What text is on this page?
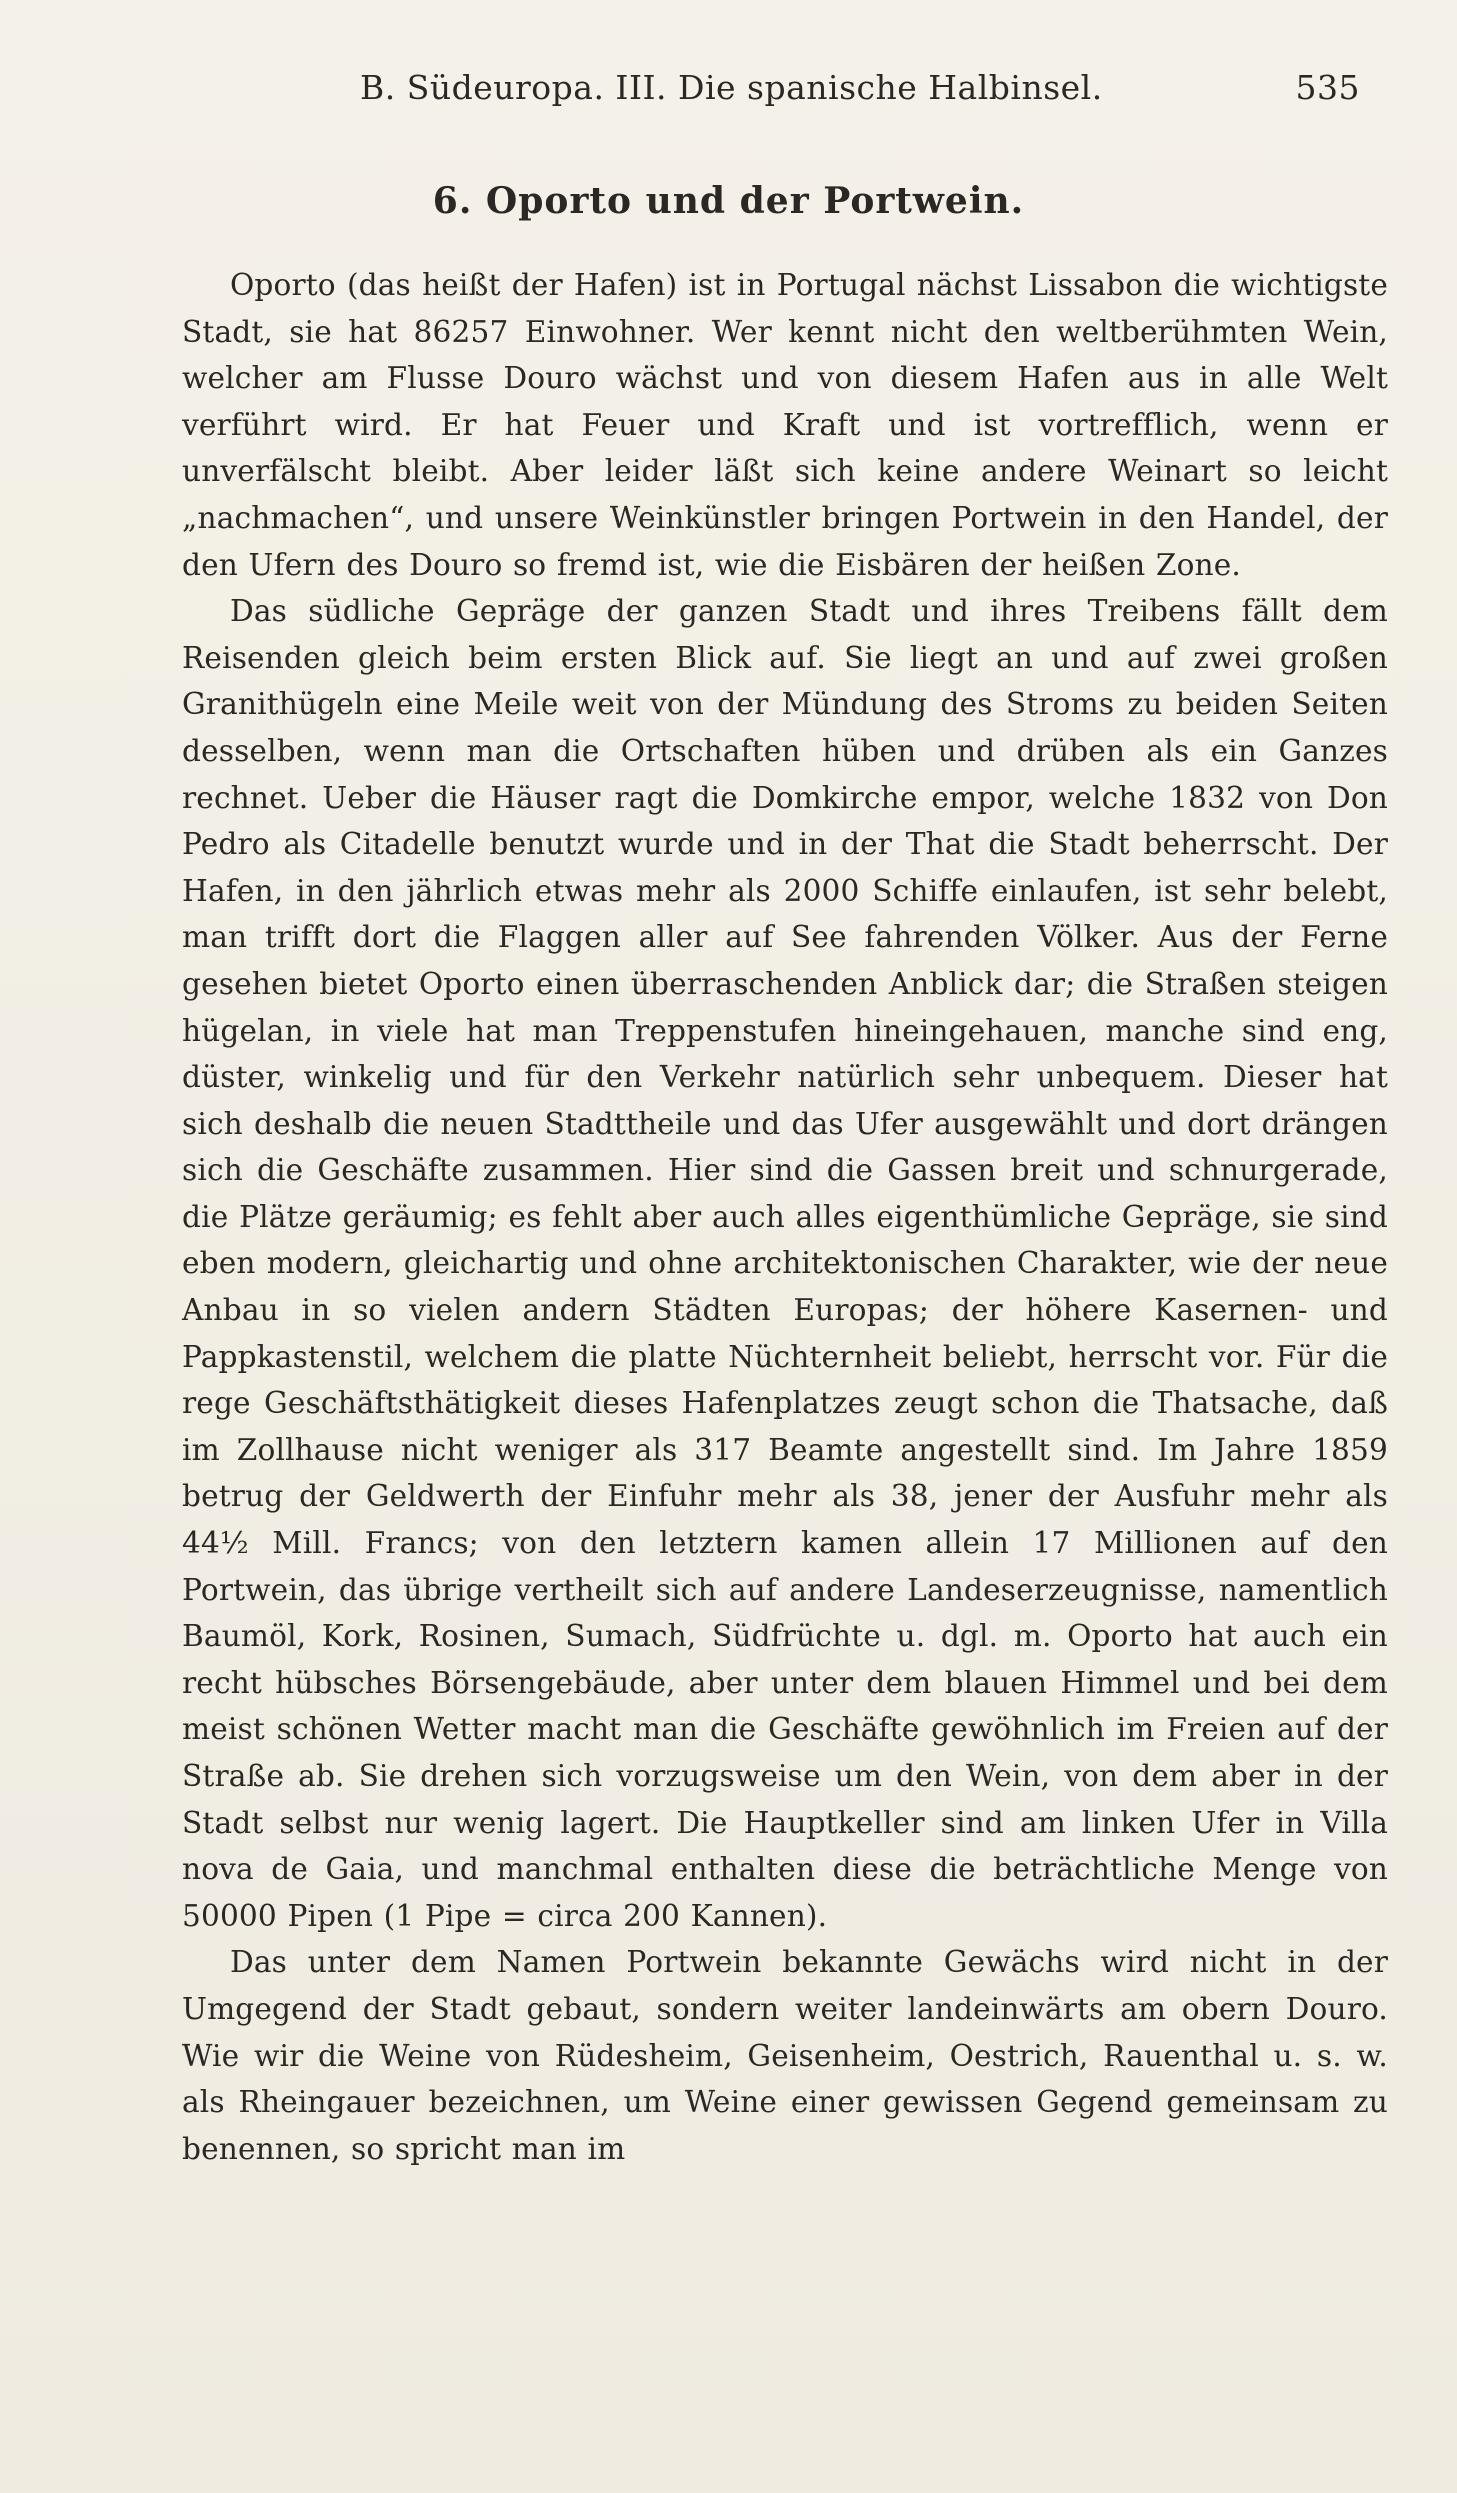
B. Südeuropa. III. Die spanische Halbinsel.	535
6. Oporto und der Portwein.

Oporto (das heißt der Hafen) ist in Portugal nächst Lissabon die wichtigste Stadt, sie hat 86257 Einwohner. Wer kennt nicht den weltberühmten Wein, welcher am Flusse Douro wächst und von diesem Hafen aus in alle Welt verführt wird. Er hat Feuer und Kraft und ist vortrefflich, wenn er unverfälscht bleibt. Aber leider läßt sich keine andere Weinart so leicht „nachmachen“, und unsere Weinkünstler bringen Portwein in den Handel, der den Ufern des Douro so fremd ist, wie die Eisbären der heißen Zone.

Das südliche Gepräge der ganzen Stadt und ihres Treibens fällt dem Reisenden gleich beim ersten Blick auf. Sie liegt an und auf zwei großen Granithügeln eine Meile weit von der Mündung des Stroms zu beiden Seiten desselben, wenn man die Ortschaften hüben und drüben als ein Ganzes rechnet. Ueber die Häuser ragt die Domkirche empor, welche 1832 von Don Pedro als Citadelle benutzt wurde und in der That die Stadt beherrscht. Der Hafen, in den jährlich etwas mehr als 2000 Schiffe einlaufen, ist sehr belebt, man trifft dort die Flaggen aller auf See fahrenden Völker. Aus der Ferne gesehen bietet Oporto einen überraschenden Anblick dar; die Straßen steigen hügelan, in viele hat man Treppenstufen hineingehauen, manche sind eng, düster, winkelig und für den Verkehr natürlich sehr unbequem. Dieser hat sich deshalb die neuen Stadttheile und das Ufer ausgewählt und dort drängen sich die Geschäfte zusammen. Hier sind die Gassen breit und schnurgerade, die Plätze geräumig; es fehlt aber auch alles eigenthümliche Gepräge, sie sind eben modern, gleichartig und ohne architektonischen Charakter, wie der neue Anbau in so vielen andern Städten Europas; der höhere Kasernen- und Pappkastenstil, welchem die platte Nüchternheit beliebt, herrscht vor. Für die rege Geschäftsthätigkeit dieses Hafenplatzes zeugt schon die Thatsache, daß im Zollhause nicht weniger als 317 Beamte angestellt sind. Im Jahre 1859 betrug der Geldwerth der Einfuhr mehr als 38, jener der Ausfuhr mehr als 44½ Mill. Francs; von den letztern kamen allein 17 Millionen auf den Portwein, das übrige vertheilt sich auf andere Landeserzeugnisse, namentlich Baumöl, Kork, Rosinen, Sumach, Südfrüchte u. dgl. m. Oporto hat auch ein recht hübsches Börsengebäude, aber unter dem blauen Himmel und bei dem meist schönen Wetter macht man die Geschäfte gewöhnlich im Freien auf der Straße ab. Sie drehen sich vorzugsweise um den Wein, von dem aber in der Stadt selbst nur wenig lagert. Die Hauptkeller sind am linken Ufer in Villa nova de Gaia, und manchmal enthalten diese die beträchtliche Menge von 50000 Pipen (1 Pipe = circa 200 Kannen).

Das unter dem Namen Portwein bekannte Gewächs wird nicht in der Umgegend der Stadt gebaut, sondern weiter landeinwärts am obern Douro. Wie wir die Weine von Rüdesheim, Geisenheim, Oestrich, Rauenthal u. s. w. als Rheingauer bezeichnen, um Weine einer gewissen Gegend gemeinsam zu benennen, so spricht man im
